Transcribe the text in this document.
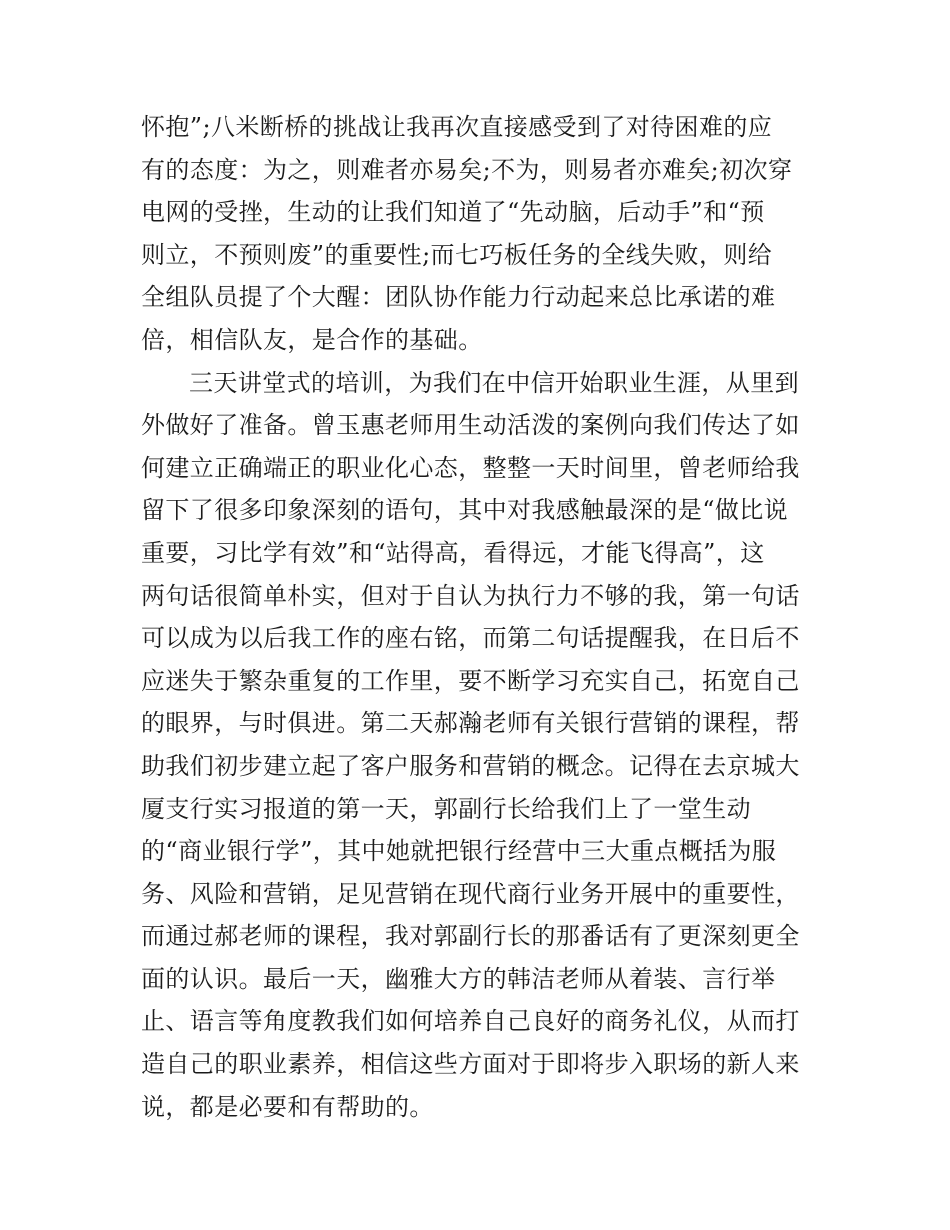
怀抱”;八米断桥的挑战让我再次直接感受到了对待困难的应
有的态度：为之，则难者亦易矣;不为，则易者亦难矣;初次穿
电网的受挫，生动的让我们知道了“先动脑，后动手”和“预
则立，不预则废”的重要性;而七巧板任务的全线失败，则给
全组队员提了个大醒：团队协作能力行动起来总比承诺的难
倍，相信队友，是合作的基础。
三天讲堂式的培训，为我们在中信开始职业生涯，从里到
外做好了准备。曾玉惠老师用生动活泼的案例向我们传达了如
何建立正确端正的职业化心态，整整一天时间里，曾老师给我
留下了很多印象深刻的语句，其中对我感触最深的是“做比说
重要，习比学有效”和“站得高，看得远，才能飞得高”，这
两句话很简单朴实，但对于自认为执行力不够的我，第一句话
可以成为以后我工作的座右铭，而第二句话提醒我，在日后不
应迷失于繁杂重复的工作里，要不断学习充实自己，拓宽自己
的眼界，与时俱进。第二天郝瀚老师有关银行营销的课程，帮
助我们初步建立起了客户服务和营销的概念。记得在去京城大
厦支行实习报道的第一天，郭副行长给我们上了一堂生动
的“商业银行学”，其中她就把银行经营中三大重点概括为服
务、风险和营销，足见营销在现代商行业务开展中的重要性，
而通过郝老师的课程，我对郭副行长的那番话有了更深刻更全
面的认识。最后一天，幽雅大方的韩洁老师从着装、言行举
止、语言等角度教我们如何培养自己良好的商务礼仪，从而打
造自己的职业素养，相信这些方面对于即将步入职场的新人来
说，都是必要和有帮助的。
